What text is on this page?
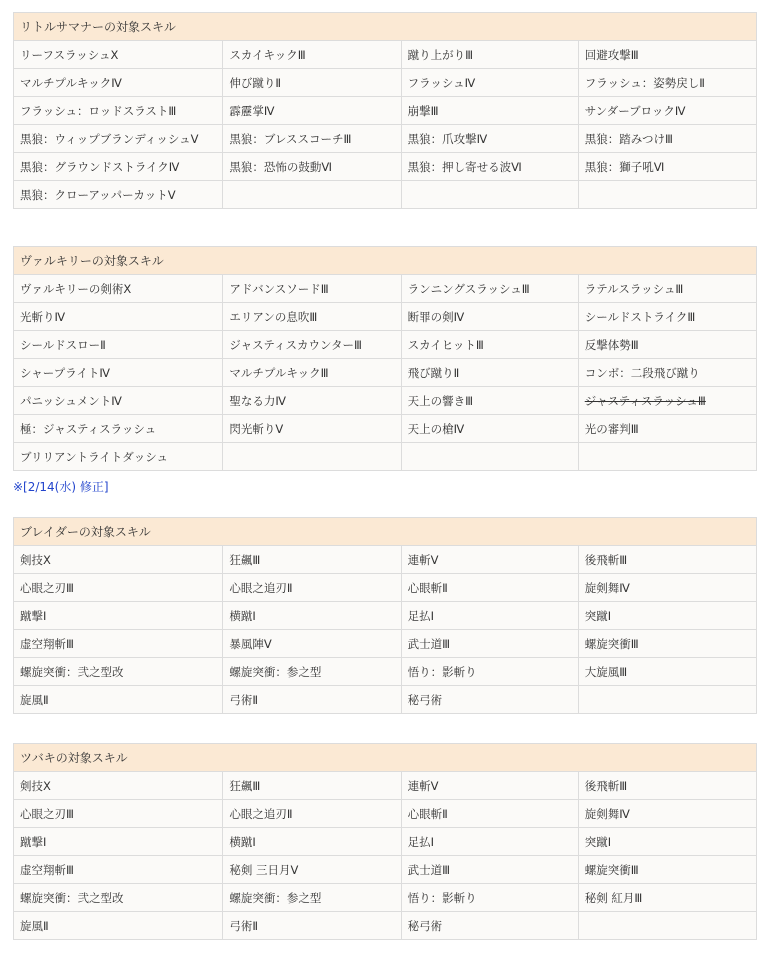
リトルサマナーの対象スキル			
リーフスラッシュⅩ	スカイキックⅢ	蹴り上がりⅢ	回避攻撃Ⅲ
マルチプルキックⅣ	伸び蹴りⅡ	フラッシュⅣ	フラッシュ：姿勢戻しⅡ
フラッシュ：ロッドスラストⅢ	霹靂掌Ⅳ	崩撃Ⅲ	サンダーブロックⅣ
黒狼：ウィップブランディッシュⅤ	黒狼：ブレススコーチⅢ	黒狼：爪攻撃Ⅳ	黒狼：踏みつけⅢ
黒狼：グラウンドストライクⅣ	黒狼：恐怖の鼓動Ⅵ	黒狼：押し寄せる波Ⅵ	黒狼：獅子吼Ⅵ
黒狼：クローアッパーカットⅤ			
ヴァルキリーの対象スキル			
ヴァルキリーの剣術Ⅹ	アドバンスソードⅢ	ランニングスラッシュⅢ	ラテルスラッシュⅢ
光斬りⅣ	エリアンの息吹Ⅲ	断罪の剣Ⅳ	シールドストライクⅢ
シールドスローⅡ	ジャスティスカウンターⅢ	スカイヒットⅢ	反撃体勢Ⅲ
シャープライトⅣ	マルチプルキックⅢ	飛び蹴りⅡ	コンボ：二段飛び蹴り
パニッシュメントⅣ	聖なる力Ⅳ	天上の響きⅢ	ジャスティスラッシュⅢ
極：ジャスティスラッシュ	閃光斬りⅤ	天上の槍Ⅳ	光の審判Ⅲ
ブリリアントライトダッシュ			
※[2/14(水) 修正]
ブレイダーの対象スキル			
剣技Ⅹ	狂飆Ⅲ	連斬Ⅴ	後飛斬Ⅲ
心眼之刃Ⅲ	心眼之追刃Ⅱ	心眼斬Ⅱ	旋剣舞Ⅳ
蹴撃Ⅰ	横蹴Ⅰ	足払Ⅰ	突蹴Ⅰ
虚空翔斬Ⅲ	暴風陣Ⅴ	武士道Ⅲ	螺旋突衝Ⅲ
螺旋突衝：弐之型改	螺旋突衝：参之型	悟り：影斬り	大旋風Ⅲ
旋風Ⅱ	弓術Ⅱ	秘弓術	
ツバキの対象スキル			
剣技Ⅹ	狂飆Ⅲ	連斬Ⅴ	後飛斬Ⅲ
心眼之刃Ⅲ	心眼之追刃Ⅱ	心眼斬Ⅱ	旋剣舞Ⅳ
蹴撃Ⅰ	横蹴Ⅰ	足払Ⅰ	突蹴Ⅰ
虚空翔斬Ⅲ	秘剣 三日月Ⅴ	武士道Ⅲ	螺旋突衝Ⅲ
螺旋突衝：弐之型改	螺旋突衝：参之型	悟り：影斬り	秘剣 紅月Ⅲ
旋風Ⅱ	弓術Ⅱ	秘弓術	
